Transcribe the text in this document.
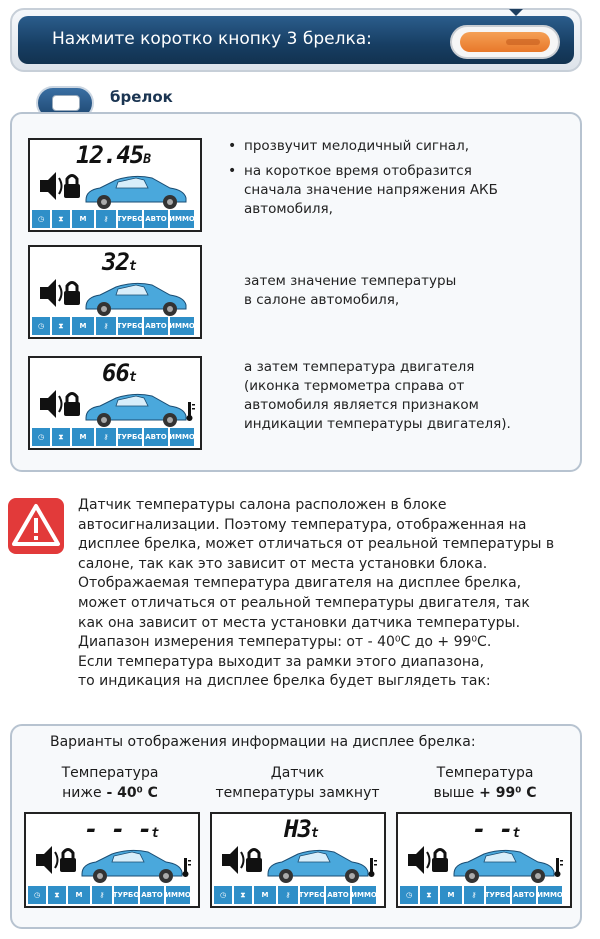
Нажмите коротко кнопку 3 брелка:
брелок
12.45В
◷	⧗	M	⚷	ТУРБО АВТО ИММО
32t
◷	⧗	M	⚷	ТУРБО АВТО ИММО
66t
◷	⧗	M	⚷	ТУРБО АВТО ИММО
• прозвучит мелодичный сигнал,
• на короткое время отобразится
сначала значение напряжения АКБ
автомобиля,
затем значение температуры
в салоне автомобиля,
а затем температура двигателя
(иконка термометра справа от
автомобиля является признаком
индикации температуры двигателя).
Датчик температуры салона расположен в блоке
автосигнализации. Поэтому температура, отображенная на
дисплее брелка, может отличаться от реальной температуры в
салоне, так как это зависит от места установки блока.
Отображаемая температура двигателя на дисплее брелка,
может отличаться от реальной температуры двигателя, так
как она зависит от места установки датчика температуры.
Диапазон измерения температуры: от - 40⁰С до + 99⁰С.
Если температура выходит за рамки этого диапазона,
то индикация на дисплее брелка будет выглядеть так:
Варианты отображения информации на дисплее брелка:
Температура
ниже - 40⁰ С
Датчик
температуры замкнут
Температура
выше + 99⁰ С
- - -t
◷	⧗	M	⚷	ТУРБО АВТО ИММО
Н3t
◷	⧗	M	⚷	ТУРБО АВТО ИММО
- -t
◷	⧗	M	⚷	ТУРБО АВТО ИММО
